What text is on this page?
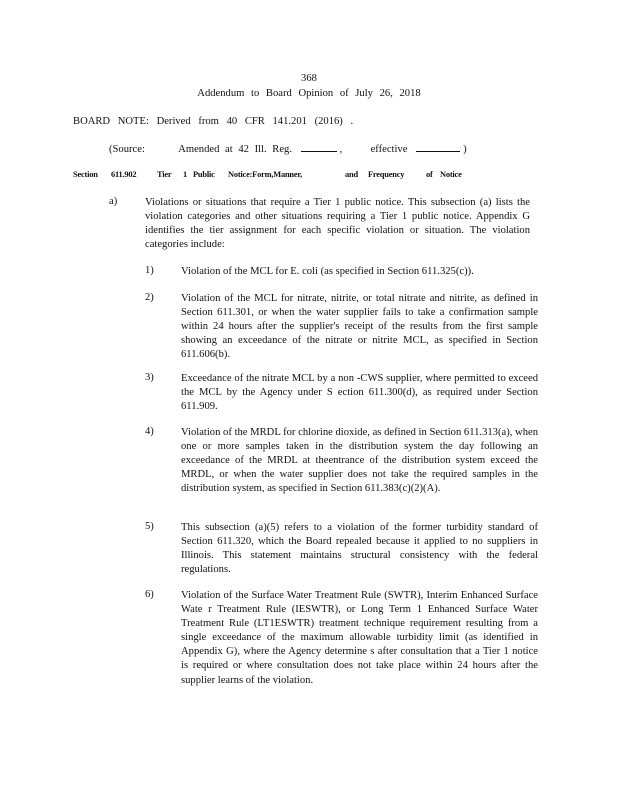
368
Addendum to Board Opinion of July 26, 2018
BOARD NOTE: Derived from 40 CFR 141.201 (2016) .
(Source:	Amended at 42 Ill. Reg.	,	effective	)
Section 611.902 Tier 1 Public Notice:Form,Manner,	and Frequency	of Notice
a)	Violations or situations that require a Tier 1 public notice. This subsection (a) lists the violation categories and other situations requiring a Tier 1 public notice. Appendix G identifies the tier assignment for each specific violation or situation. The violation categories include:
1)	Violation of the MCL for E. coli (as specified in Section 611.325(c)).
2)	Violation of the MCL for nitrate, nitrite, or total nitrate and nitrite, as defined in Section 611.301, or when the water supplier fails to take a confirmation sample within 24 hours after the supplier's receipt of the results from the first sample showing an exceedance of the nitrate or nitrite MCL, as specified in Section 611.606(b).
3)	Exceedance of the nitrate MCL by a non -CWS supplier, where permitted to exceed the MCL by the Agency under S ection 611.300(d), as required under Section 611.909.
4)	Violation of the MRDL for chlorine dioxide, as defined in Section 611.313(a), when one or more samples taken in the distribution system the day following an exceedance of the MRDL at theentrance of the distribution system exceed the MRDL, or when the water supplier does not take the required samples in the distribution system, as specified in Section 611.383(c)(2)(A).
5)	This subsection (a)(5) refers to a violation of the former turbidity standard of Section 611.320, which the Board repealed because it applied to no suppliers in Illinois. This statement maintains structural consistency with the federal regulations.
6)	Violation of the Surface Water Treatment Rule (SWTR), Interim Enhanced Surface Wate r Treatment Rule (IESWTR), or Long Term 1 Enhanced Surface Water Treatment Rule (LT1ESWTR) treatment technique requirement resulting from a single exceedance of the maximum allowable turbidity limit (as identified in Appendix G), where the Agency determine s after consultation that a Tier 1 notice is required or where consultation does not take place within 24 hours after the supplier learns of the violation.
